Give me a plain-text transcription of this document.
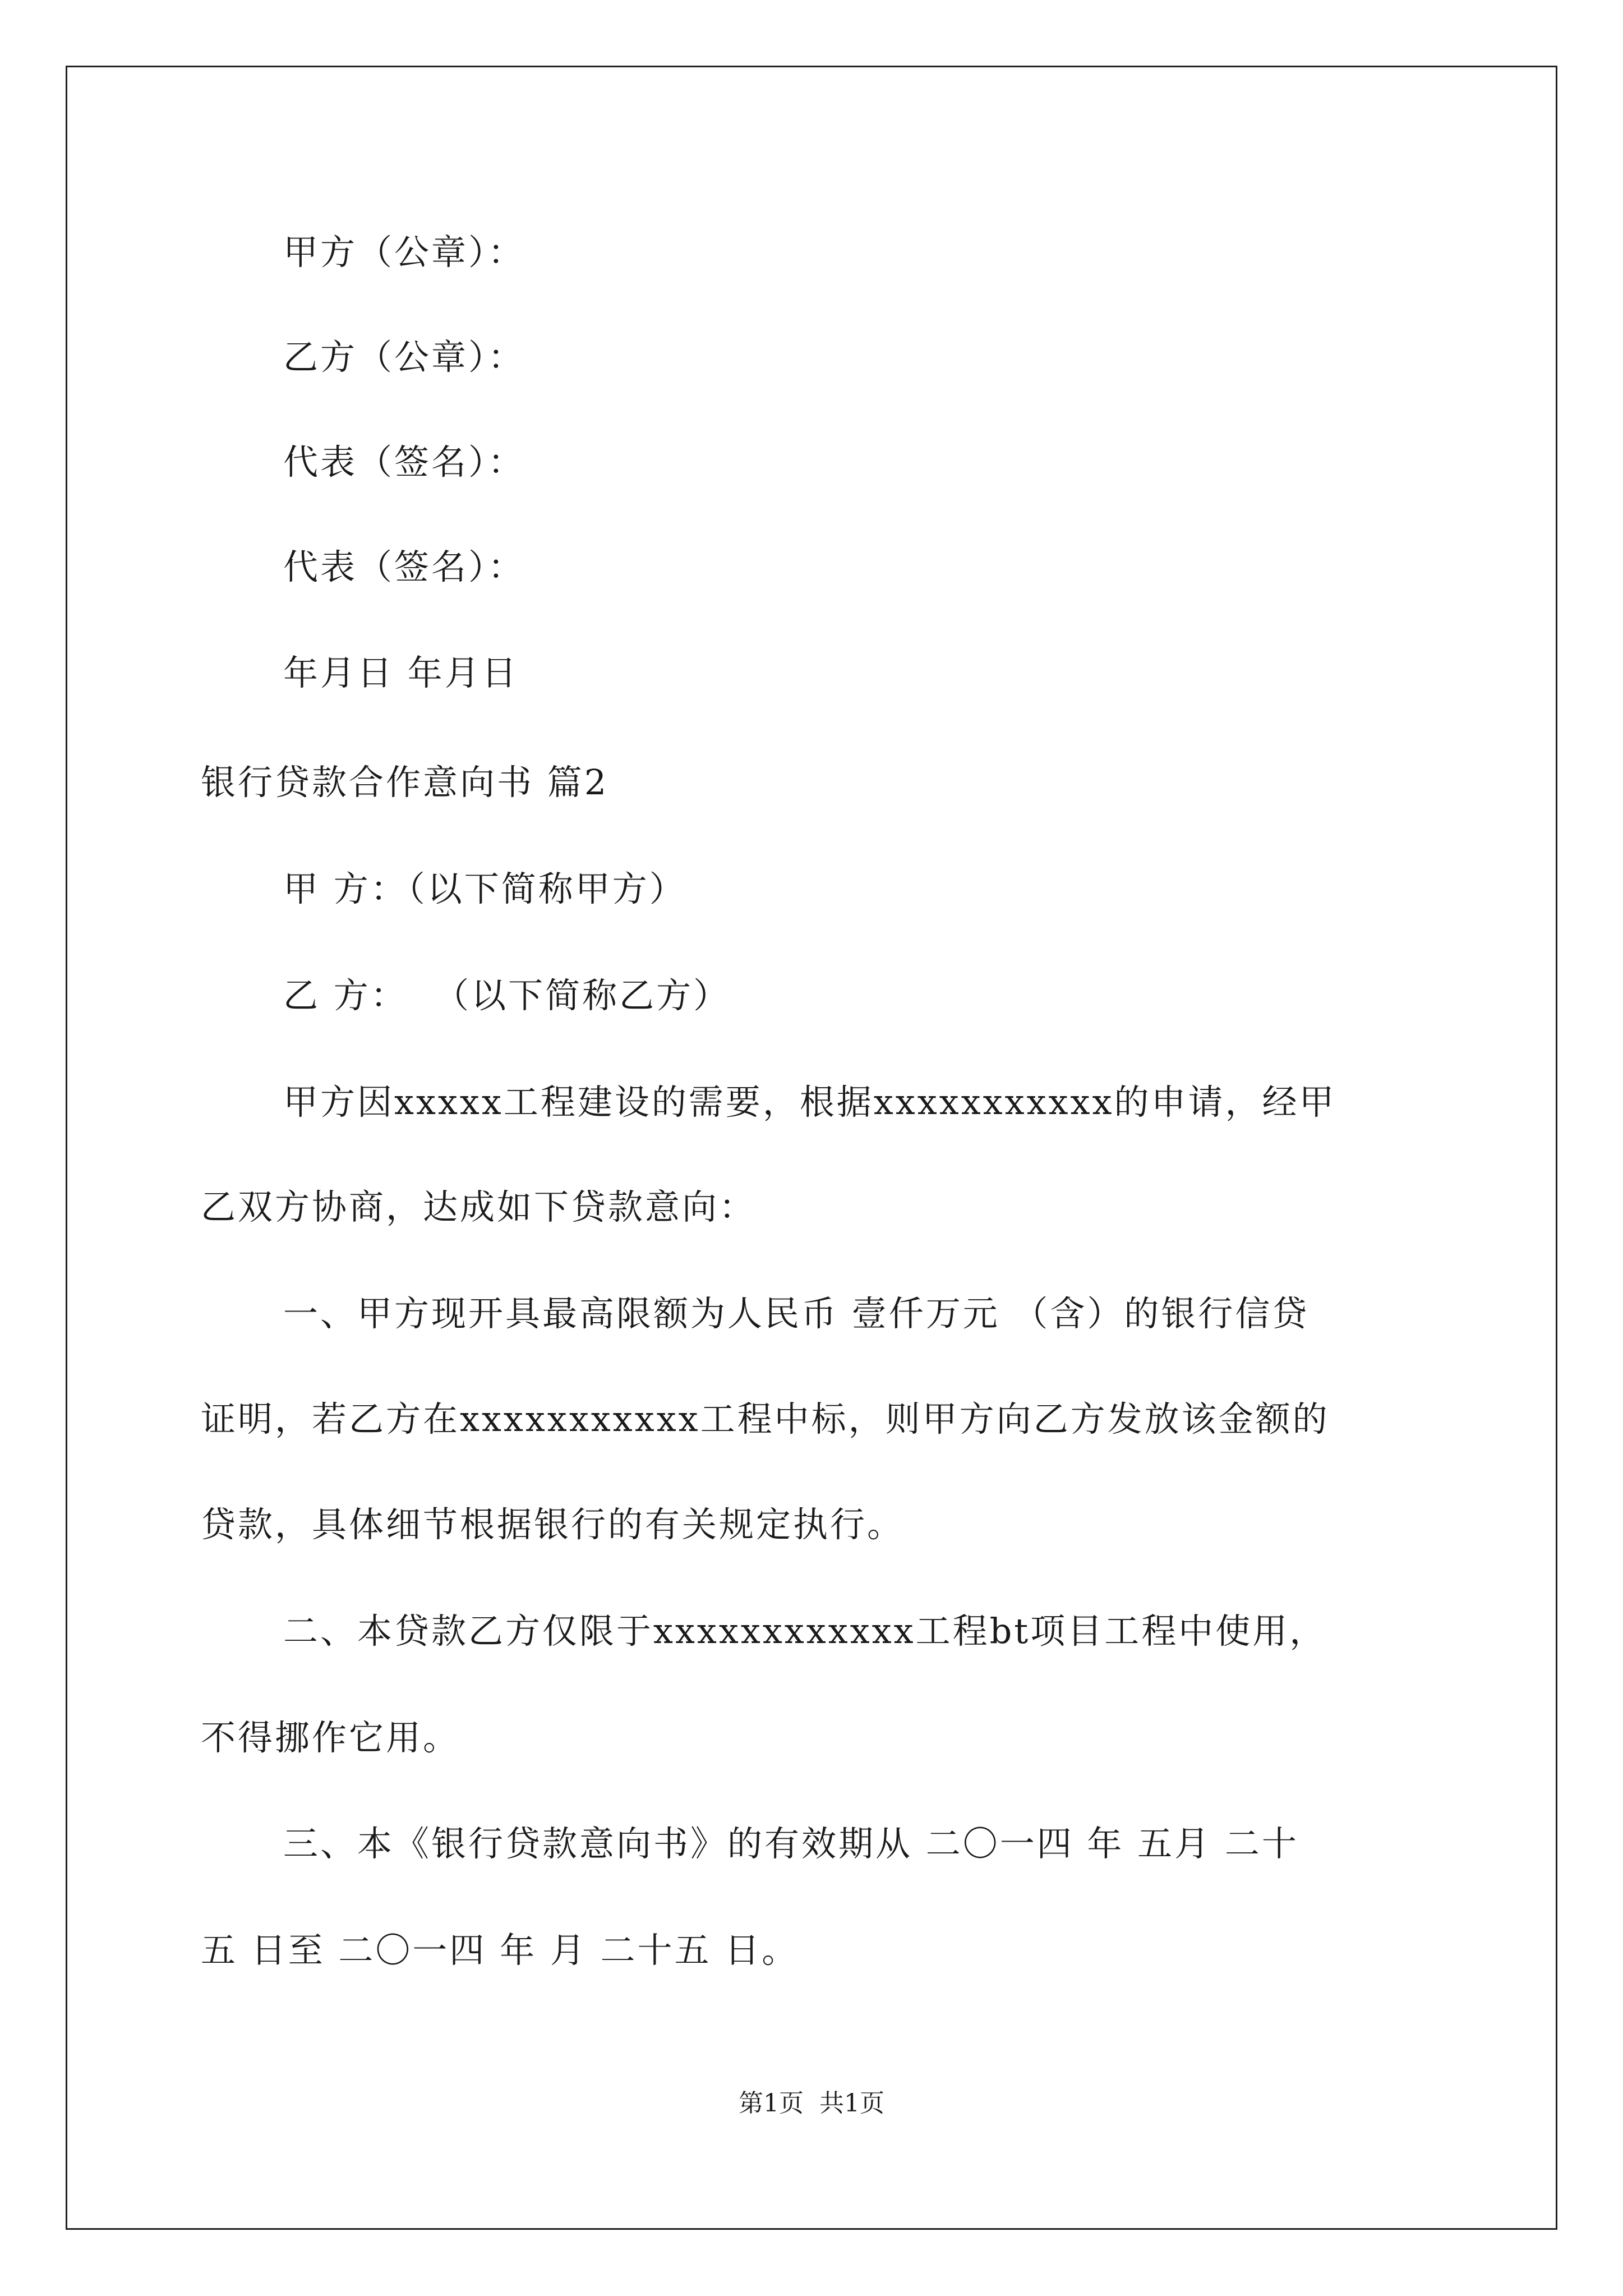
甲方（公章）：
乙方（公章）：
代表（签名）：
代表（签名）：
年月日 年月日
银行贷款合作意向书 篇2
甲 方：（以下简称甲方）
乙 方：  （以下简称乙方）
甲方因xxxxx工程建设的需要，根据xxxxxxxxxxx的申请，经甲
乙双方协商，达成如下贷款意向：
一、甲方现开具最高限额为人民币 壹仟万元 （含）的银行信贷
证明，若乙方在xxxxxxxxxxx工程中标，则甲方向乙方发放该金额的
贷款，具体细节根据银行的有关规定执行。
二、本贷款乙方仅限于xxxxxxxxxxxx工程bt项目工程中使用，
不得挪作它用。
三、本《银行贷款意向书》的有效期从 二〇一四 年 五月 二十
五 日至 二〇一四 年 月 二十五 日。
第1页  共1页
